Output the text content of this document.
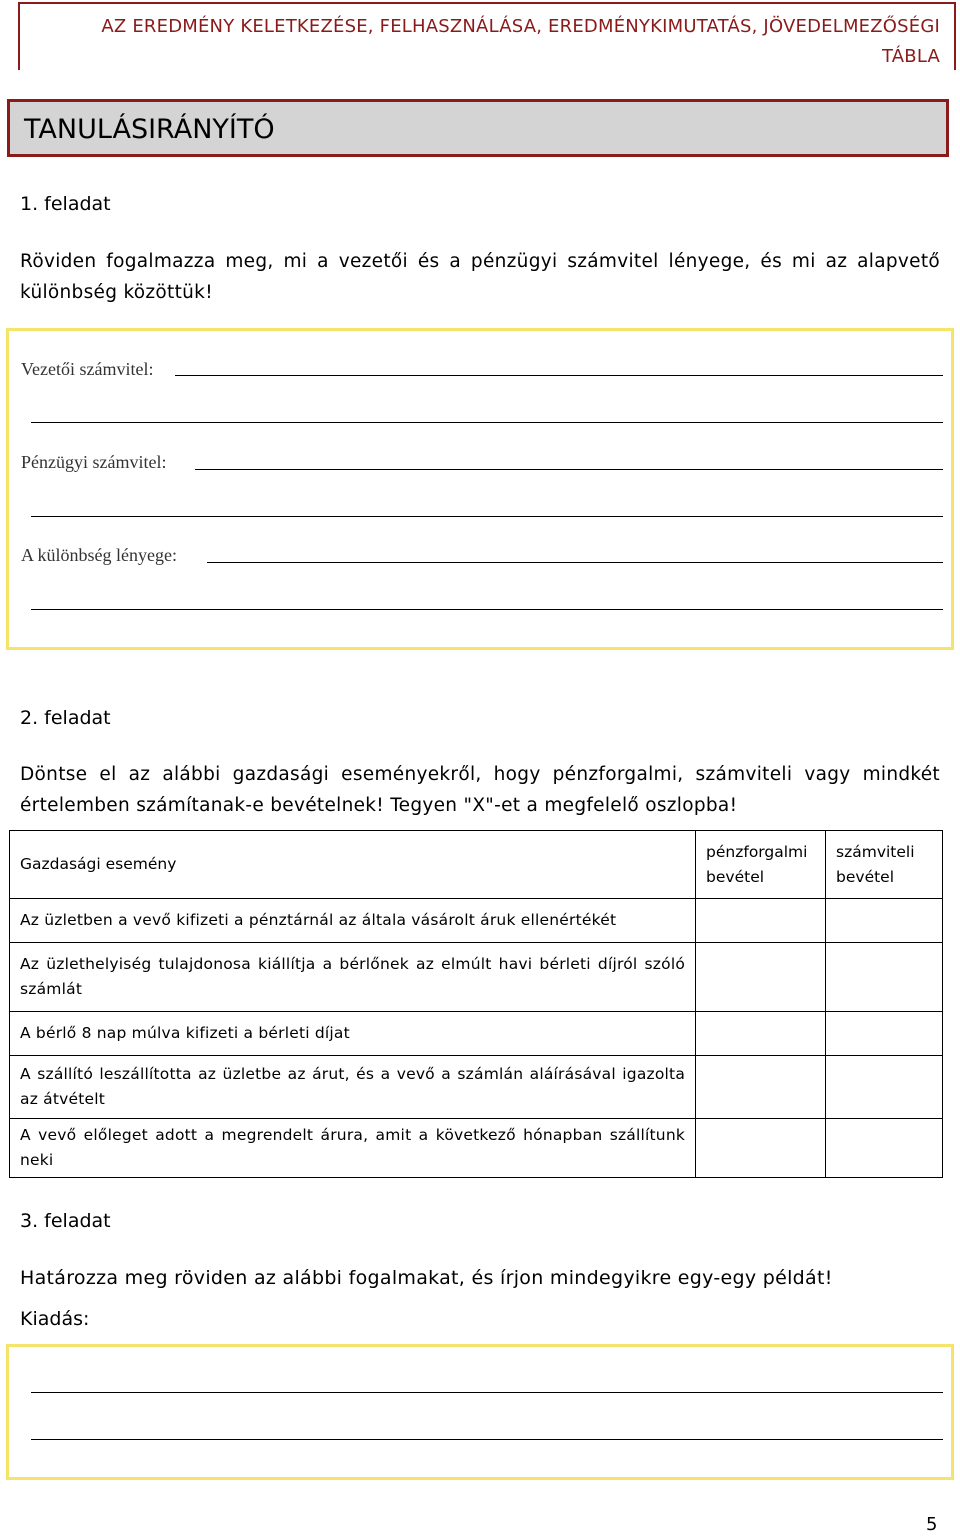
AZ EREDMÉNY KELETKEZÉSE, FELHASZNÁLÁSA, EREDMÉNYKIMUTATÁS, JÖVEDELMEZŐSÉGI
TÁBLA
TANULÁSIRÁNYÍTÓ
1. feladat
Röviden fogalmazza meg, mi a vezetői és a pénzügyi számvitel lényege, és mi az alapvető különbség közöttük!
Vezetői számvitel:
Pénzügyi számvitel:
A különbség lényege:
2. feladat
Döntse el az alábbi gazdasági eseményekről, hogy pénzforgalmi, számviteli vagy mindkét értelemben számítanak-e bevételnek! Tegyen "X"-et a megfelelő oszlopba!
Gazdasági esemény	pénzforgalmi bevétel	számviteli bevétel
Az üzletben a vevő kifizeti a pénztárnál az általa vásárolt áruk ellenértékét		
Az üzlethelyiség tulajdonosa kiállítja a bérlőnek az elmúlt havi bérleti díjról szóló számlát		
A bérlő 8 nap múlva kifizeti a bérleti díjat		
A szállító leszállította az üzletbe az árut, és a vevő a számlán aláírásával igazolta az átvételt		
A vevő előleget adott a megrendelt árura, amit a következő hónapban szállítunk neki		
3. feladat
Határozza meg röviden az alábbi fogalmakat, és írjon mindegyikre egy-egy példát!
Kiadás:
5
